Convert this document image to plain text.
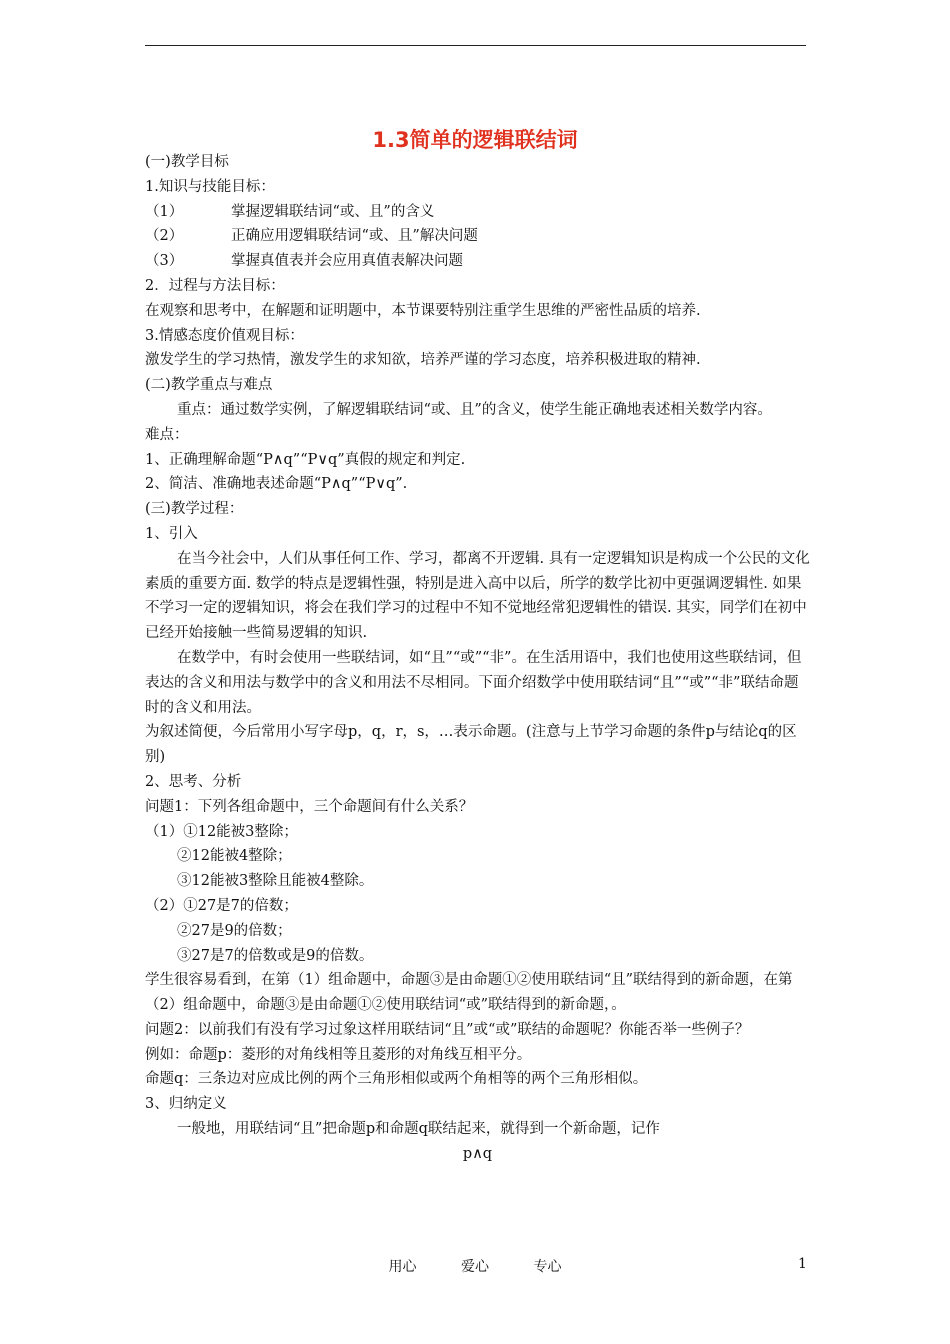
1.3简单的逻辑联结词

(一)教学目标

1.知识与技能目标：

（1）	掌握逻辑联结词“或、且”的含义

（2）	正确应用逻辑联结词“或、且”解决问题

（3）	掌握真值表并会应用真值表解决问题

2．过程与方法目标：

在观察和思考中，在解题和证明题中，本节课要特别注重学生思维的严密性品质的培养.

3.情感态度价值观目标：

激发学生的学习热情，激发学生的求知欲，培养严谨的学习态度，培养积极进取的精神.

(二)教学重点与难点

重点：通过数学实例，了解逻辑联结词“或、且”的含义，使学生能正确地表述相关数学内容。

难点：

1、正确理解命题“P∧q”“P∨q”真假的规定和判定.

2、简洁、准确地表述命题“P∧q”“P∨q”.

(三)教学过程：

1、引入

在当今社会中，人们从事任何工作、学习，都离不开逻辑. 具有一定逻辑知识是构成一个公民的文化素质的重要方面. 数学的特点是逻辑性强，特别是进入高中以后，所学的数学比初中更强调逻辑性. 如果不学习一定的逻辑知识，将会在我们学习的过程中不知不觉地经常犯逻辑性的错误. 其实，同学们在初中已经开始接触一些简易逻辑的知识.

在数学中，有时会使用一些联结词，如“且”“或”“非”。在生活用语中，我们也使用这些联结词，但表达的含义和用法与数学中的含义和用法不尽相同。下面介绍数学中使用联结词“且”“或”“非”联结命题时的含义和用法。

为叙述简便，今后常用小写字母p，q，r，s，…表示命题。(注意与上节学习命题的条件p与结论q的区别)

2、思考、分析

问题1：下列各组命题中，三个命题间有什么关系？

（1）①12能被3整除；

②12能被4整除；

③12能被3整除且能被4整除。

（2）①27是7的倍数；

②27是9的倍数；

③27是7的倍数或是9的倍数。

学生很容易看到，在第（1）组命题中，命题③是由命题①②使用联结词“且”联结得到的新命题，在第（2）组命题中，命题③是由命题①②使用联结词“或”联结得到的新命题，。

问题2：以前我们有没有学习过象这样用联结词“且”或“或”联结的命题呢？你能否举一些例子？

例如：命题p：菱形的对角线相等且菱形的对角线互相平分。

命题q：三条边对应成比例的两个三角形相似或两个角相等的两个三角形相似。

3、归纳定义

一般地，用联结词“且”把命题p和命题q联结起来，就得到一个新命题，记作

p∧q

用心	爱心	专心	1
